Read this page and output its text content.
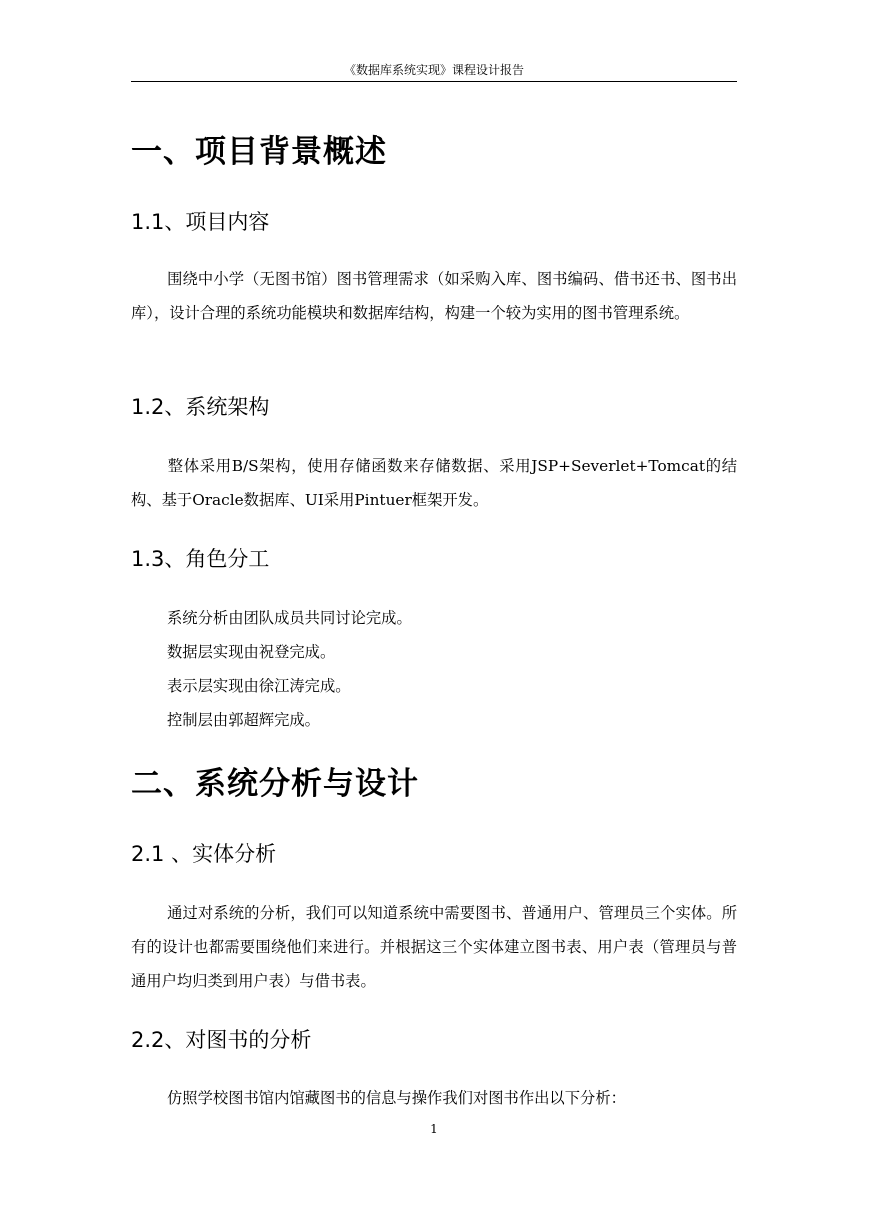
《数据库系统实现》课程设计报告
一、项目背景概述
1.1、项目内容
围绕中小学（无图书馆）图书管理需求（如采购入库、图书编码、借书还书、图书出库），设计合理的系统功能模块和数据库结构，构建一个较为实用的图书管理系统。
1.2、系统架构
整体采用B/S架构，使用存储函数来存储数据、采用JSP+Severlet+Tomcat的结构、基于Oracle数据库、UI采用Pintuer框架开发。
1.3、角色分工
系统分析由团队成员共同讨论完成。
数据层实现由祝登完成。
表示层实现由徐江涛完成。
控制层由郭超辉完成。
二、系统分析与设计
2.1 、实体分析
通过对系统的分析，我们可以知道系统中需要图书、普通用户、管理员三个实体。所有的设计也都需要围绕他们来进行。并根据这三个实体建立图书表、用户表（管理员与普通用户均归类到用户表）与借书表。
2.2、对图书的分析
仿照学校图书馆内馆藏图书的信息与操作我们对图书作出以下分析：
1
